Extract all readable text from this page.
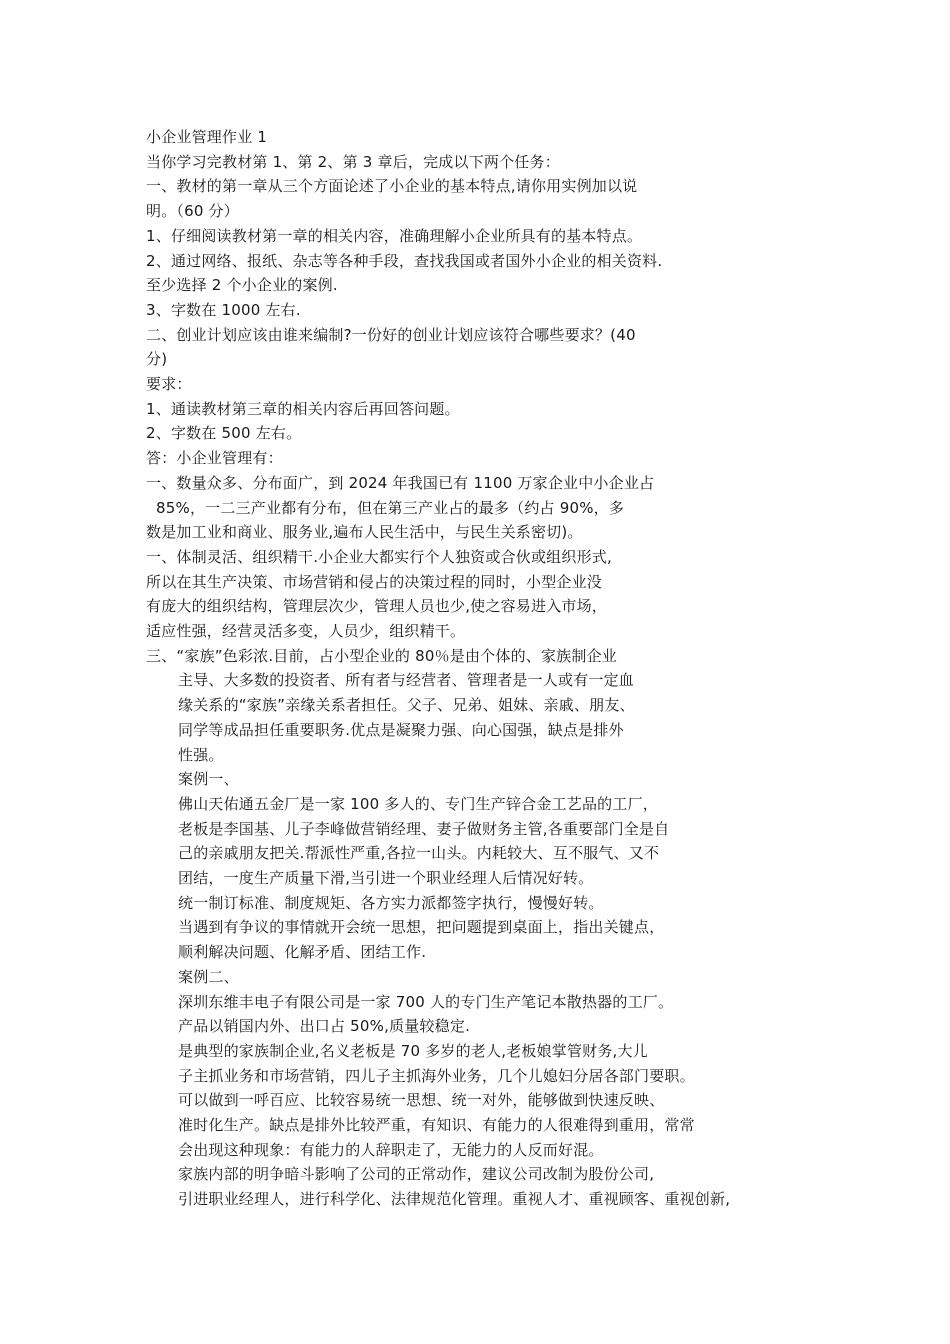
小企业管理作业 1
当你学习完教材第 1、第 2、第 3 章后，完成以下两个任务：
一、教材的第一章从三个方面论述了小企业的基本特点,请你用实例加以说
明。（60 分）
1、仔细阅读教材第一章的相关内容，准确理解小企业所具有的基本特点。
2、通过网络、报纸、杂志等各种手段，查找我国或者国外小企业的相关资料.
至少选择 2 个小企业的案例.
3、字数在 1000 左右.
二、创业计划应该由谁来编制?一份好的创业计划应该符合哪些要求？(40
分)
要求：
1、通读教材第三章的相关内容后再回答问题。
2、字数在 500 左右。
答：小企业管理有：
一、数量众多、分布面广，到 2024 年我国已有 1100 万家企业中小企业占
85%，一二三产业都有分布，但在第三产业占的最多（约占 90%，多
数是加工业和商业、服务业,遍布人民生活中，与民生关系密切)。
一、体制灵活、组织精干.小企业大都实行个人独资或合伙或组织形式,
所以在其生产决策、市场营销和侵占的决策过程的同时，小型企业没
有庞大的组织结构，管理层次少，管理人员也少,使之容易进入市场，
适应性强，经营灵活多变，人员少，组织精干。
三、“家族”色彩浓.目前，占小型企业的 80％是由个体的、家族制企业
主导、大多数的投资者、所有者与经营者、管理者是一人或有一定血
缘关系的“家族”亲缘关系者担任。父子、兄弟、姐妹、亲戚、朋友、
同学等成品担任重要职务.优点是凝聚力强、向心国强，缺点是排外
性强。
案例一、
佛山天佑通五金厂是一家 100 多人的、专门生产锌合金工艺品的工厂，
老板是李国基、儿子李峰做营销经理、妻子做财务主管,各重要部门全是自
己的亲戚朋友把关.帮派性严重,各拉一山头。内耗较大、互不服气、又不
团结，一度生产质量下滑,当引进一个职业经理人后情况好转。
统一制订标准、制度规矩、各方实力派都签字执行，慢慢好转。
当遇到有争议的事情就开会统一思想，把问题提到桌面上，指出关键点，
顺利解决问题、化解矛盾、团结工作.
案例二、
深圳东维丰电子有限公司是一家 700 人的专门生产笔记本散热器的工厂。
产品以销国内外、出口占 50%,质量较稳定.
是典型的家族制企业,名义老板是 70 多岁的老人,老板娘掌管财务,大儿
子主抓业务和市场营销，四儿子主抓海外业务，几个儿媳妇分居各部门要职。
可以做到一呼百应、比较容易统一思想、统一对外，能够做到快速反映、
准时化生产。缺点是排外比较严重，有知识、有能力的人很难得到重用，常常
会出现这种现象：有能力的人辞职走了，无能力的人反而好混。
家族内部的明争暗斗影响了公司的正常动作，建议公司改制为股份公司,
引进职业经理人，进行科学化、法律规范化管理。重视人才、重视顾客、重视创新,
